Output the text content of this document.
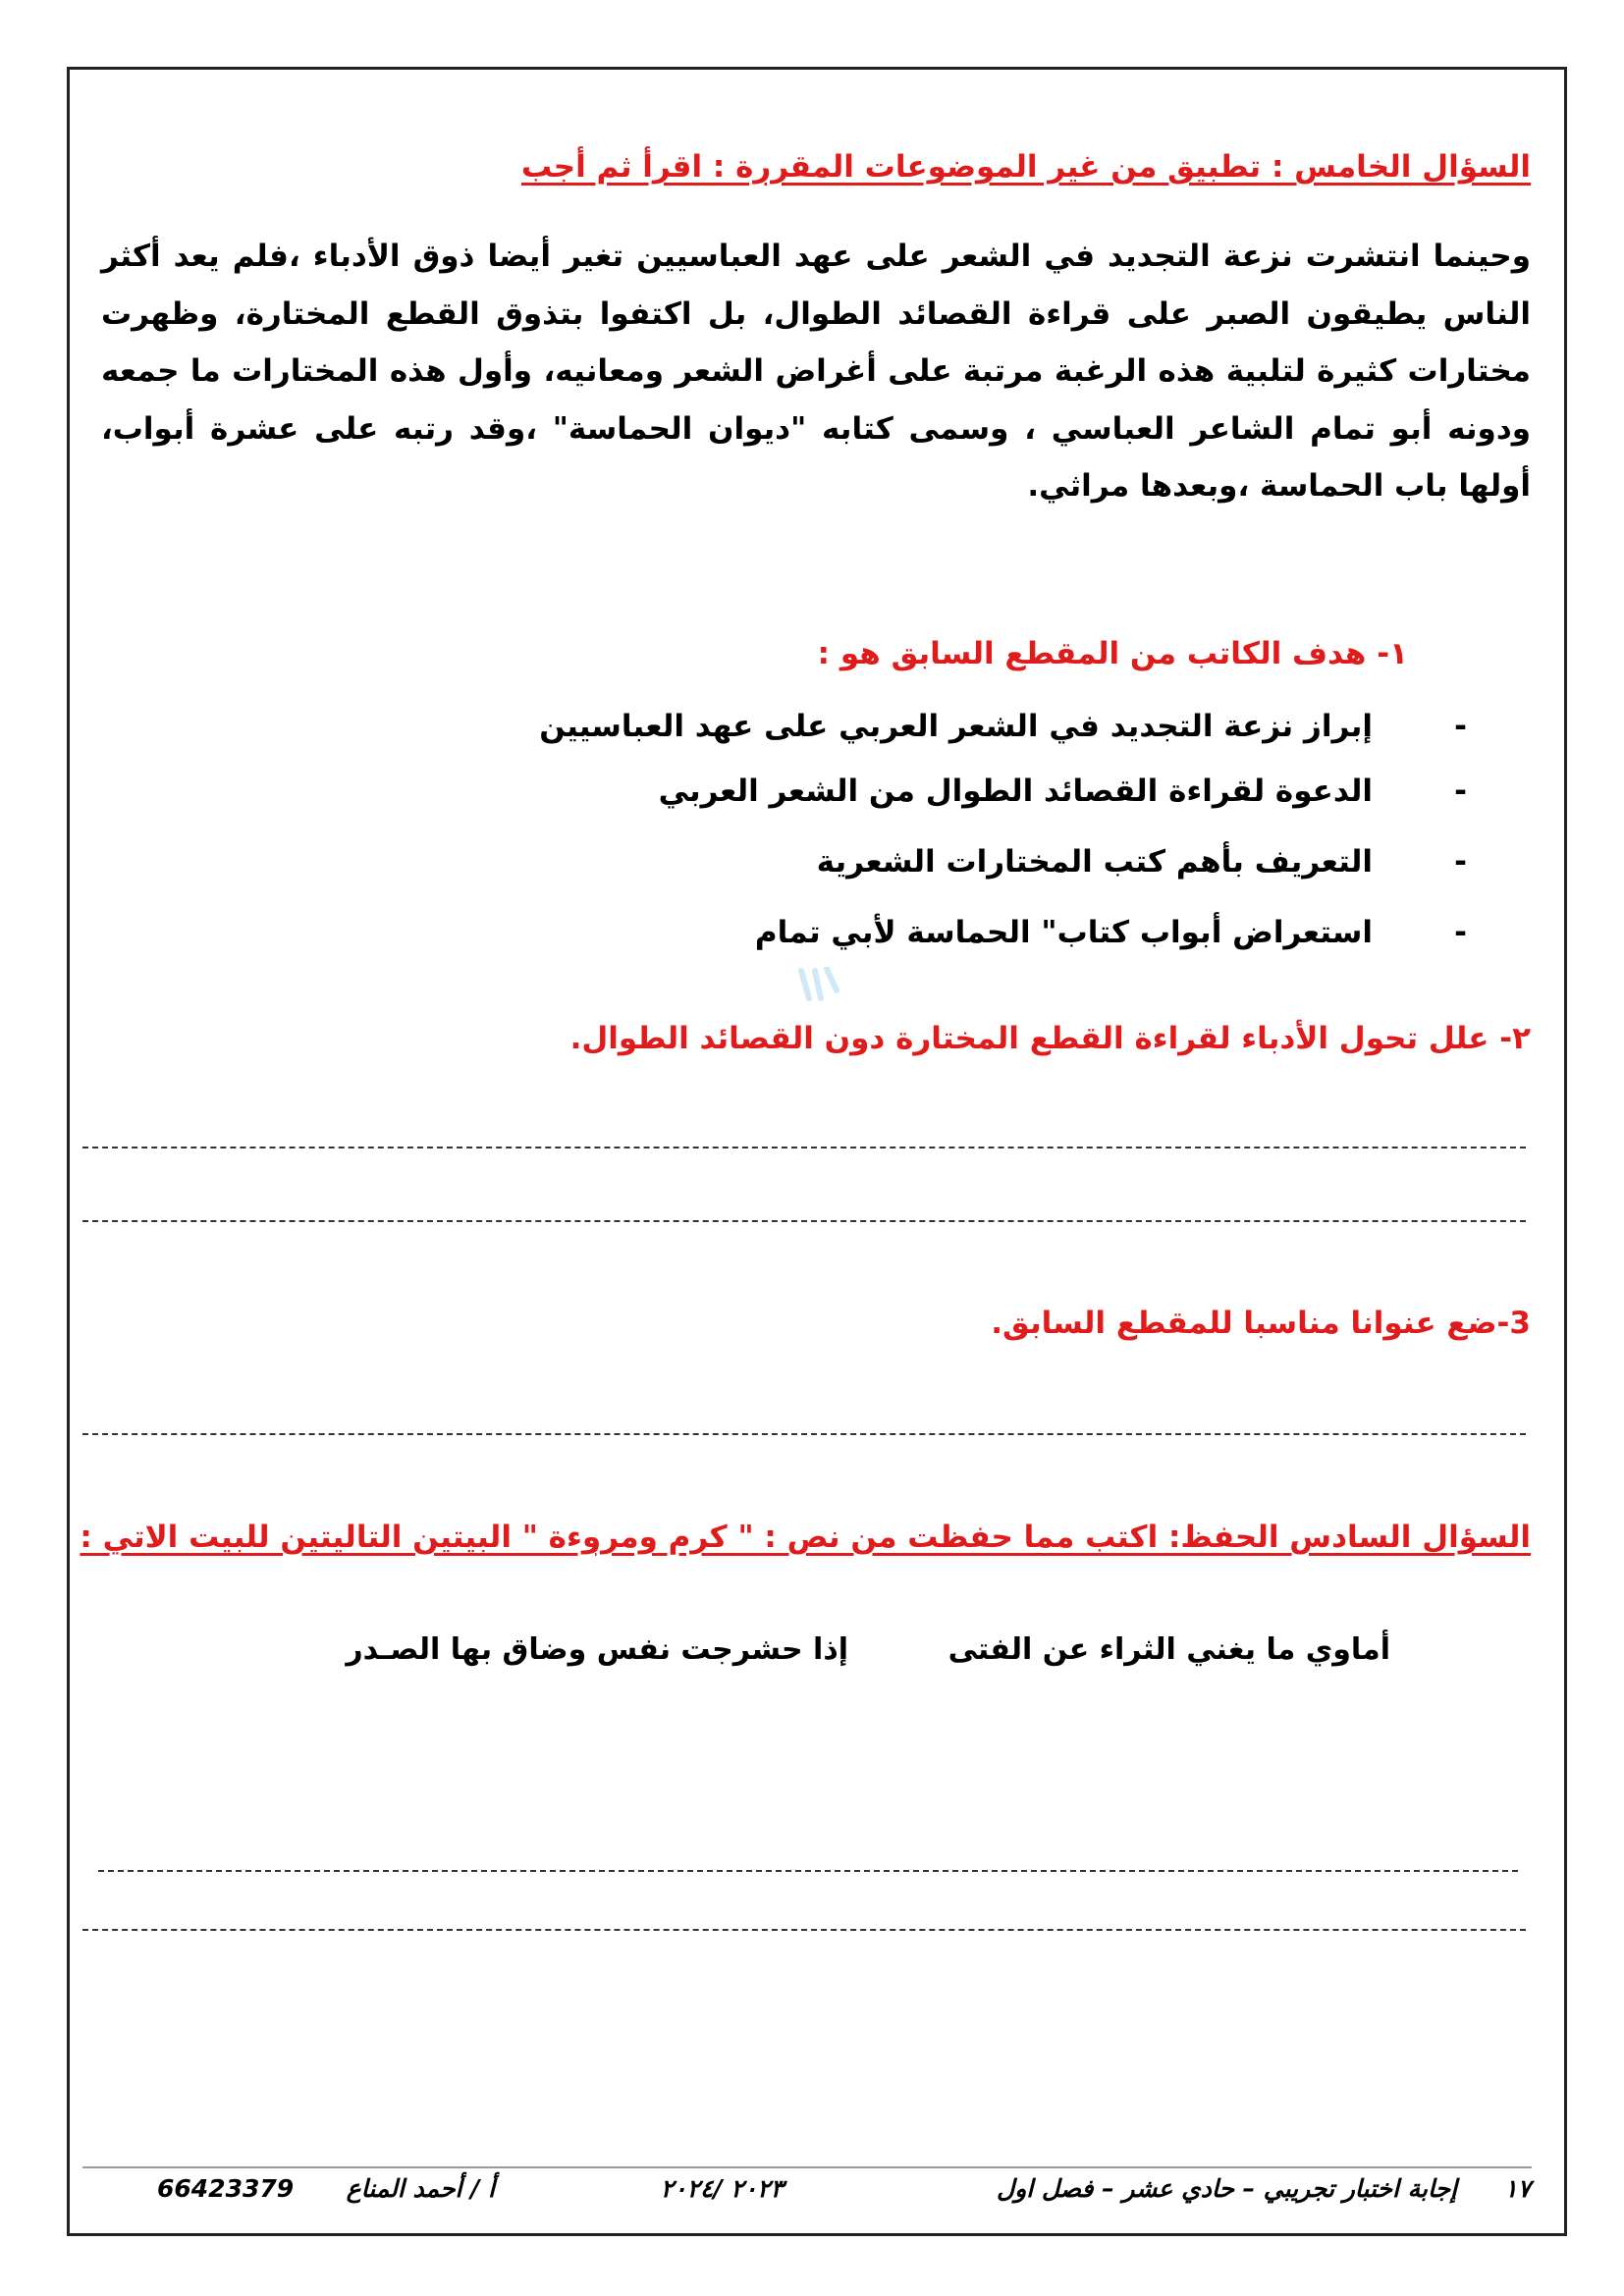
السؤال الخامس : تطبيق من غير الموضوعات المقررة : اقرأ ثم أجب

وحينما انتشرت نزعة التجديد في الشعر على عهد العباسيين تغير أيضا ذوق الأدباء ،فلم يعد أكثر الناس يطيقون الصبر على قراءة القصائد الطوال، بل اكتفوا بتذوق القطع المختارة، وظهرت مختارات كثيرة لتلبية هذه الرغبة مرتبة على أغراض الشعر ومعانيه، وأول هذه المختارات ما جمعه ودونه أبو تمام الشاعر العباسي ، وسمى كتابه "ديوان الحماسة" ،وقد رتبه على عشرة أبواب، أولها باب الحماسة ،وبعدها مراثي.

١- هدف الكاتب من المقطع السابق هو :
-
إبراز نزعة التجديد في الشعر العربي على عهد العباسيين
-
الدعوة لقراءة القصائد الطوال من الشعر العربي
-
التعريف بأهم كتب المختارات الشعرية
-
استعراض أبواب كتاب" الحماسة لأبي تمام
٢- علل تحول الأدباء لقراءة القطع المختارة دون القصائد الطوال.
3-ضع عنوانا مناسبا للمقطع السابق.
السؤال السادس الحفظ: اكتب مما حفظت من نص : " كرم ومروءة " البيتين التاليتين للبيت الاتي :
أماوي ما يغني الثراء عن الفتى
إذا حشرجت نفس وضاق بها الصـدر
١٧
إجابة اختبار تجريبي – حادي عشر – فصل اول
٢٠٢٣ /٢٠٢٤
أ / أحمد المناع
66423379
